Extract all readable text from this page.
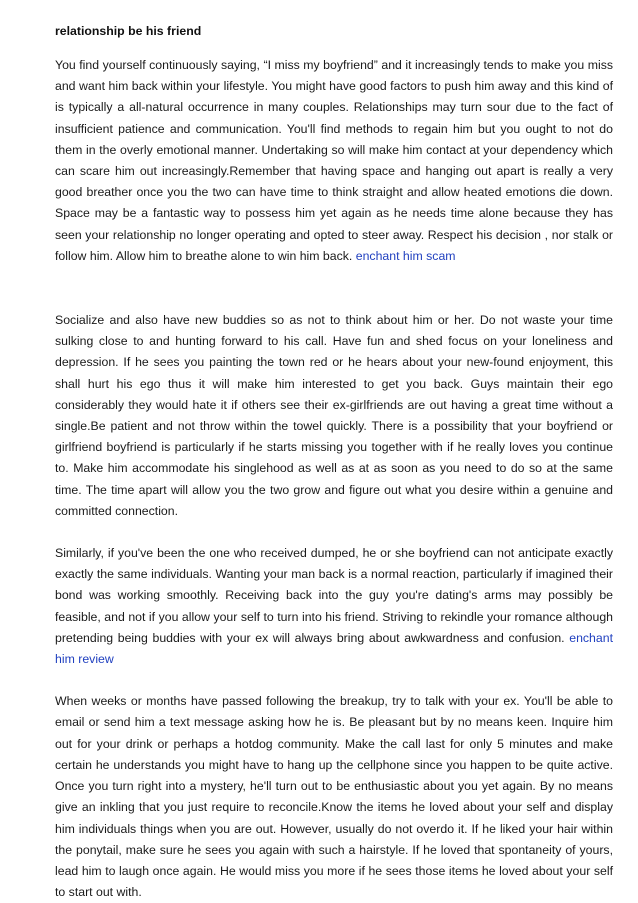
relationship be his friend

You find yourself continuously saying, “I miss my boyfriend” and it increasingly tends to make you miss and want him back within your lifestyle. You might have good factors to push him away and this kind of is typically a all-natural occurrence in many couples. Relationships may turn sour due to the fact of insufficient patience and communication. You'll find methods to regain him but you ought to not do them in the overly emotional manner. Undertaking so will make him contact at your dependency which can scare him out increasingly.Remember that having space and hanging out apart is really a very good breather once you the two can have time to think straight and allow heated emotions die down. Space may be a fantastic way to possess him yet again as he needs time alone because they has seen your relationship no longer operating and opted to steer away. Respect his decision , nor stalk or follow him. Allow him to breathe alone to win him back. enchant him scam

Socialize and also have new buddies so as not to think about him or her. Do not waste your time sulking close to and hunting forward to his call. Have fun and shed focus on your loneliness and depression. If he sees you painting the town red or he hears about your new-found enjoyment, this shall hurt his ego thus it will make him interested to get you back. Guys maintain their ego considerably they would hate it if others see their ex-girlfriends are out having a great time without a single.Be patient and not throw within the towel quickly. There is a possibility that your boyfriend or girlfriend boyfriend is particularly if he starts missing you together with if he really loves you continue to. Make him accommodate his singlehood as well as at as soon as you need to do so at the same time. The time apart will allow you the two grow and figure out what you desire within a genuine and committed connection.

Similarly, if you've been the one who received dumped, he or she boyfriend can not anticipate exactly exactly the same individuals. Wanting your man back is a normal reaction, particularly if imagined their bond was working smoothly. Receiving back into the guy you're dating's arms may possibly be feasible, and not if you allow your self to turn into his friend. Striving to rekindle your romance although pretending being buddies with your ex will always bring about awkwardness and confusion. enchant him review

When weeks or months have passed following the breakup, try to talk with your ex. You'll be able to email or send him a text message asking how he is. Be pleasant but by no means keen. Inquire him out for your drink or perhaps a hotdog community. Make the call last for only 5 minutes and make certain he understands you might have to hang up the cellphone since you happen to be quite active. Once you turn right into a mystery, he'll turn out to be enthusiastic about you yet again. By no means give an inkling that you just require to reconcile.Know the items he loved about your self and display him individuals things when you are out. However, usually do not overdo it. If he liked your hair within the ponytail, make sure he sees you again with such a hairstyle. If he loved that spontaneity of yours, lead him to laugh once again. He would miss you more if he sees those items he loved about your self to start out with.
